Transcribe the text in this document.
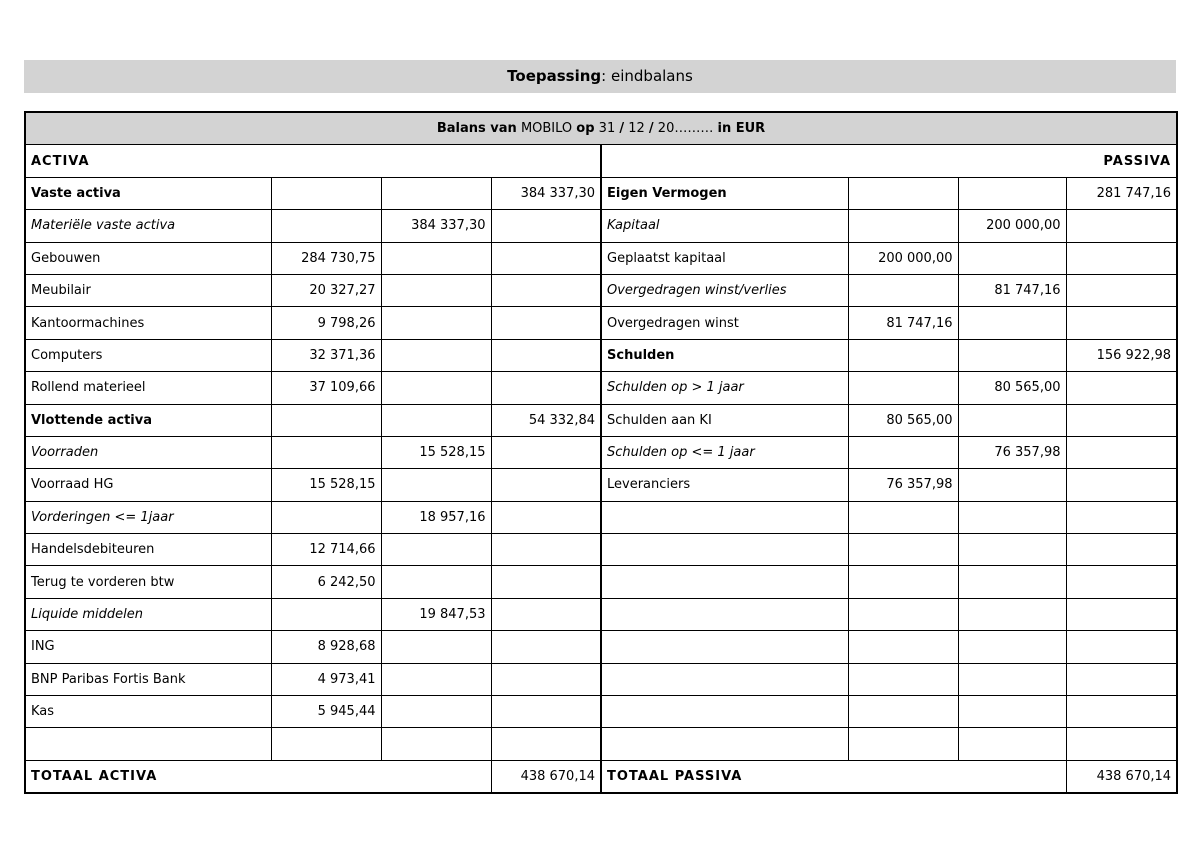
Toepassing: eindbalans
Balans van MOBILO op 31 / 12 / 20……… in EUR							
ACTIVA				PASSIVA			
Vaste activa			384 337,30	Eigen Vermogen			281 747,16
Materiële vaste activa		384 337,30		Kapitaal		200 000,00	
Gebouwen	284 730,75			Geplaatst kapitaal	200 000,00		
Meubilair	20 327,27			Overgedragen winst/verlies		81 747,16	
Kantoormachines	9 798,26			Overgedragen winst	81 747,16		
Computers	32 371,36			Schulden			156 922,98
Rollend materieel	37 109,66			Schulden op > 1 jaar		80 565,00	
Vlottende activa			54 332,84	Schulden aan KI	80 565,00		
Voorraden		15 528,15		Schulden op <= 1 jaar		76 357,98	
Voorraad HG	15 528,15			Leveranciers	76 357,98		
Vorderingen <= 1jaar		18 957,16					
Handelsdebiteuren	12 714,66						
Terug te vorderen btw	6 242,50						
Liquide middelen		19 847,53					
ING	8 928,68						
BNP Paribas Fortis Bank	4 973,41						
Kas	5 945,44						

TOTAAL ACTIVA			438 670,14	TOTAAL PASSIVA			438 670,14
